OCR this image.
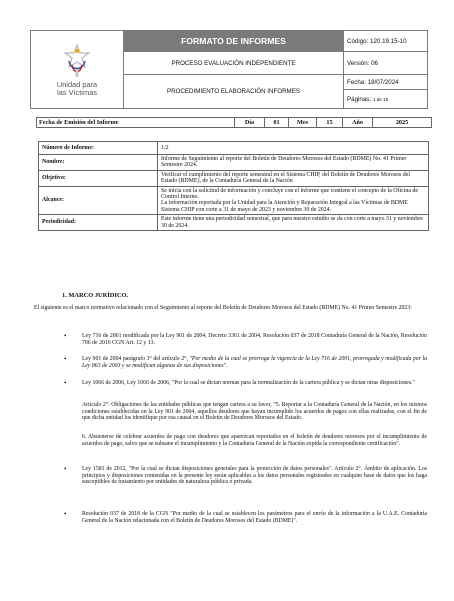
Unidad para
las Víctimas	FORMATO DE INFORMES	Código: 120.19.15-10
	PROCESO EVALUACIÓN INDEPENDIENTE	Versión: 06
	PROCEDIMIENTO ELABORACIÓN INFORMES	Fecha: 18/07/2024
		Páginas: 1 de 15
Fecha de Emisión del Informe	Día	01	Mes	15	Año	2025
Número de Informe:	1/2
Nombre:	Informe de Seguimiento al reporte del Boletín de Deudores Morosos del Estado (BDME) No. 41 Primer Semestre 2024.
Objetivo:	Verificar el cumplimiento del reporte semestral en el Sistema CHIP, del Boletín de Deudores Morosos del Estado (BDME), de la Contaduría General de la Nación
Alcance:	Se inicia con la solicitud de información y concluye con el informe que contiene el concepto de la Oficina de Control Interno.
La información reportada por la Unidad para la Atención y Reparación Integral a las Víctimas de BDME Sistema CHIP con corte a 31 de mayo de 2023 y noviembre 30 de 2024.

Periodicidad:	Este informe tiene una periodicidad semestral, que para nuestro estudio se da con corte a mayo 31 y noviembre 30 de 2024.
1. MARCO JURÍDICO.
El siguiente es el marco normativo relacionado con el Seguimiento al reporte del Boletín de Deudores Morosos del Estado (BDME) No. 41 Primer Semestre 2023:
•	Ley 716 de 2001 modificada por la Ley 901 de 2004, Decreto 3361 de 2004, Resolución 037 de 2018 Contaduría General de la Nación, Resolución 706 de 2016 CGN Art. 12 y 13.
•	Ley 901 de 2004 parágrafo 3° del artículo 2°, "Por medio de la cual se prorroga la vigencia de la Ley 716 de 2001, prorrogada y modificada por la Ley 863 de 2003 y se modifican algunas de sus disposiciones".
•	Ley 1066 de 2006, Ley 1066 de 2006, "Por la cual se dictan normas para la normalización de la cartera pública y se dictan otras disposiciones."
Artículo 2°. Obligaciones de las entidades públicas que tengan cartera a su favor, "5. Reportar a la Contaduría General de la Nación, en los mismos condiciones establecidas en la Ley 901 de 2004, aquellos deudores que hayan incumplido los acuerdos de pagos con ellas realizadas, con el fin de que dicha entidad los identifique por esa causal en el Boletín de Deudores Morosos del Estado.
6. Abstenerse de celebrar acuerdos de pago con deudores que aparezcan reportados en el boletín de deudores morosos por el incumplimiento de acuerdos de pago, salvo que se subsane el incumplimiento y la Contaduría General de la Nación expida la correspondiente certificación".
•	Ley 1581 de 2012, "Por la cual se dictan disposiciones generales para la protección de datos personales". Artículo 2°. Ámbito de aplicación. Los principios y disposiciones contenidas en la presente ley serán aplicables a los datos personales registrados en cualquier base de datos que los haga susceptibles de tratamiento por entidades de naturaleza pública o privada.
•	Resolución 037 de 2018 de la CGN "Por medio de la cual se establecen los parámetros para el envío de la información a la U.A.E. Contaduría General de la Nación relacionada con el Boletín de Deudores Morosos del Estado (BDME)".
